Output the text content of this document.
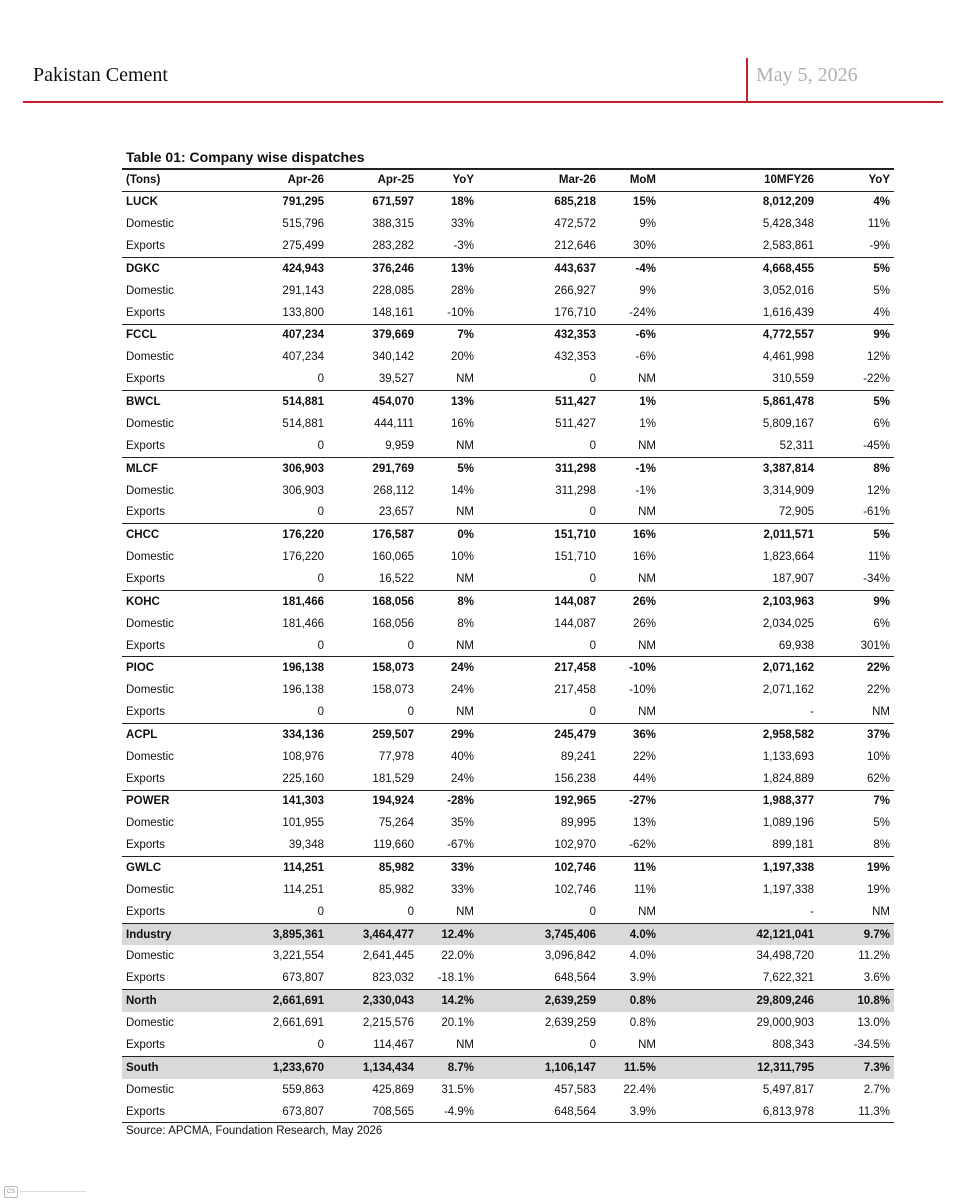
Pakistan Cement	May 5, 2026
Table 01: Company wise dispatches
(Tons)	Apr-26	Apr-25	YoY	Mar-26	MoM	10MFY26	YoY
LUCK	791,295	671,597	18%	685,218	15%	8,012,209	4%
Domestic	515,796	388,315	33%	472,572	9%	5,428,348	11%
Exports	275,499	283,282	-3%	212,646	30%	2,583,861	-9%
DGKC	424,943	376,246	13%	443,637	-4%	4,668,455	5%
Domestic	291,143	228,085	28%	266,927	9%	3,052,016	5%
Exports	133,800	148,161	-10%	176,710	-24%	1,616,439	4%
FCCL	407,234	379,669	7%	432,353	-6%	4,772,557	9%
Domestic	407,234	340,142	20%	432,353	-6%	4,461,998	12%
Exports	0	39,527	NM	0	NM	310,559	-22%
BWCL	514,881	454,070	13%	511,427	1%	5,861,478	5%
Domestic	514,881	444,111	16%	511,427	1%	5,809,167	6%
Exports	0	9,959	NM	0	NM	52,311	-45%
MLCF	306,903	291,769	5%	311,298	-1%	3,387,814	8%
Domestic	306,903	268,112	14%	311,298	-1%	3,314,909	12%
Exports	0	23,657	NM	0	NM	72,905	-61%
CHCC	176,220	176,587	0%	151,710	16%	2,011,571	5%
Domestic	176,220	160,065	10%	151,710	16%	1,823,664	11%
Exports	0	16,522	NM	0	NM	187,907	-34%
KOHC	181,466	168,056	8%	144,087	26%	2,103,963	9%
Domestic	181,466	168,056	8%	144,087	26%	2,034,025	6%
Exports	0	0	NM	0	NM	69,938	301%
PIOC	196,138	158,073	24%	217,458	-10%	2,071,162	22%
Domestic	196,138	158,073	24%	217,458	-10%	2,071,162	22%
Exports	0	0	NM	0	NM	-	NM
ACPL	334,136	259,507	29%	245,479	36%	2,958,582	37%
Domestic	108,976	77,978	40%	89,241	22%	1,133,693	10%
Exports	225,160	181,529	24%	156,238	44%	1,824,889	62%
POWER	141,303	194,924	-28%	192,965	-27%	1,988,377	7%
Domestic	101,955	75,264	35%	89,995	13%	1,089,196	5%
Exports	39,348	119,660	-67%	102,970	-62%	899,181	8%
GWLC	114,251	85,982	33%	102,746	11%	1,197,338	19%
Domestic	114,251	85,982	33%	102,746	11%	1,197,338	19%
Exports	0	0	NM	0	NM	-	NM
Industry	3,895,361	3,464,477	12.4%	3,745,406	4.0%	42,121,041	9.7%
Domestic	3,221,554	2,641,445	22.0%	3,096,842	4.0%	34,498,720	11.2%
Exports	673,807	823,032	-18.1%	648,564	3.9%	7,622,321	3.6%
North	2,661,691	2,330,043	14.2%	2,639,259	0.8%	29,809,246	10.8%
Domestic	2,661,691	2,215,576	20.1%	2,639,259	0.8%	29,000,903	13.0%
Exports	0	114,467	NM	0	NM	808,343	-34.5%
South	1,233,670	1,134,434	8.7%	1,106,147	11.5%	12,311,795	7.3%
Domestic	559,863	425,869	31.5%	457,583	22.4%	5,497,817	2.7%
Exports	673,807	708,565	-4.9%	648,564	3.9%	6,813,978	11.3%
Source: APCMA, Foundation Research, May 2026
CS
